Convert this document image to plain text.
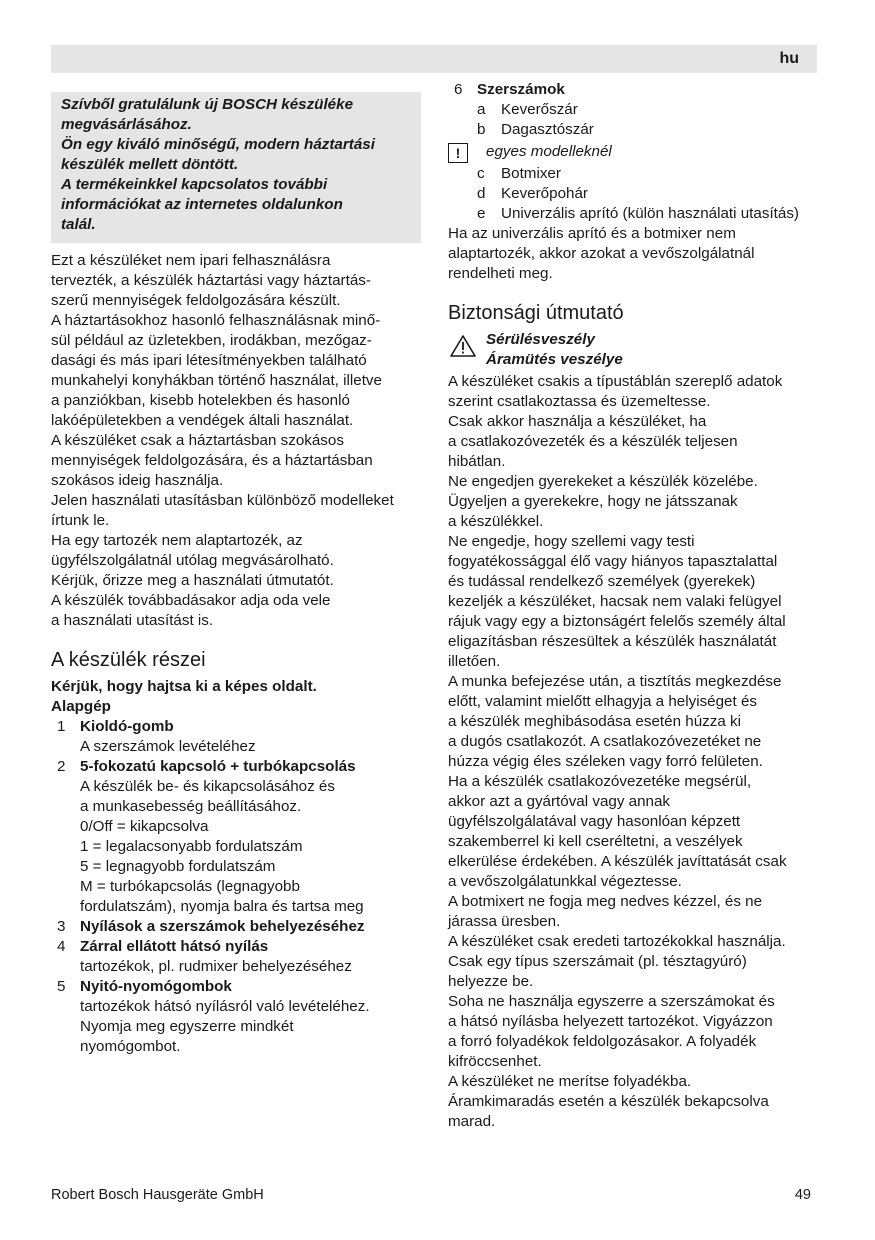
hu

Szívből gratulálunk új BOSCH készüléke

megvásárlásához.

Ön egy kiváló minőségű, modern háztartási

készülék mellett döntött.

A termékeinkkel kapcsolatos további

információkat az internetes oldalunkon

talál.

Ezt a készüléket nem ipari felhasználásra

tervezték, a készülék háztartási vagy háztartás-

szerű mennyiségek feldolgozására készült.

A háztartásokhoz hasonló felhasználásnak minő-

sül például az üzletekben, irodákban, mezőgaz-

dasági és más ipari létesítményekben található

munkahelyi konyhákban történő használat, illetve

a panziókban, kisebb hotelekben és hasonló

lakóépületekben a vendégek általi használat.

A készüléket csak a háztartásban szokásos

mennyiségek feldolgozására, és a háztartásban

szokásos ideig használja.

Jelen használati utasításban különböző modelleket

írtunk le.

Ha egy tartozék nem alaptartozék, az

ügyfélszolgálatnál utólag megvásárolható.

Kérjük, őrizze meg a használati útmutatót.

A készülék továbbadásakor adja oda vele

a használati utasítást is.

A készülék részei

Kérjük, hogy hajtsa ki a képes oldalt.

Alapgép

1 Kioldó-gomb

A szerszámok levételéhez

2 5-fokozatú kapcsoló + turbókapcsolás

A készülék be- és kikapcsolásához és

a munkasebesség beállításához.

0/Off = kikapcsolva

1 = legalacsonyabb fordulatszám

5 = legnagyobb fordulatszám

M = turbókapcsolás (legnagyobb

fordulatszám), nyomja balra és tartsa meg

3 Nyílások a szerszámok behelyezéséhez

4 Zárral ellátott hátsó nyílás

tartozékok, pl. rudmixer behelyezéséhez

5 Nyitó-nyomógombok

tartozékok hátsó nyílásról való levételéhez.

Nyomja meg egyszerre mindkét

nyomógombot.

6 Szerszámok

a Keverőszár
b Dagasztószár
!	egyes modelleknél
c Botmixer
d Keverőpohár
e Univerzális aprító (külön használati utasítás)

Ha az univerzális aprító és a botmixer nem

alaptartozék, akkor azokat a vevőszolgálatnál

rendelheti meg.

Biztonsági útmutató

Sérülésveszély

Áramütés veszélye

A készüléket csakis a típustáblán szereplő adatok

szerint csatlakoztassa és üzemeltesse.

Csak akkor használja a készüléket, ha

a csatlakozóvezeték és a készülék teljesen

hibátlan.

Ne engedjen gyerekeket a készülék közelébe.

Ügyeljen a gyerekekre, hogy ne játsszanak

a készülékkel.

Ne engedje, hogy szellemi vagy testi

fogyatékossággal élő vagy hiányos tapasztalattal

és tudással rendelkező személyek (gyerekek)

kezeljék a készüléket, hacsak nem valaki felügyel

rájuk vagy egy a biztonságért felelős személy által

eligazításban részesültek a készülék használatát

illetően.

A munka befejezése után, a tisztítás megkezdése

előtt, valamint mielőtt elhagyja a helyiséget és

a készülék meghibásodása esetén húzza ki

a dugós csatlakozót. A csatlakozóvezetéket ne

húzza végig éles széleken vagy forró felületen.

Ha a készülék csatlakozóvezetéke megsérül,

akkor azt a gyártóval vagy annak

ügyfélszolgálatával vagy hasonlóan képzett

szakemberrel ki kell cseréltetni, a veszélyek

elkerülése érdekében. A készülék javíttatását csak

a vevőszolgálatunkkal végeztesse.

A botmixert ne fogja meg nedves kézzel, és ne

járassa üresben.

A készüléket csak eredeti tartozékokkal használja.

Csak egy típus szerszámait (pl. tésztagyúró)

helyezze be.

Soha ne használja egyszerre a szerszámokat és

a hátsó nyílásba helyezett tartozékot. Vigyázzon

a forró folyadékok feldolgozásakor. A folyadék

kifröccsenhet.

A készüléket ne merítse folyadékba.

Áramkimaradás esetén a készülék bekapcsolva

marad.

Robert Bosch Hausgeräte GmbH	49
